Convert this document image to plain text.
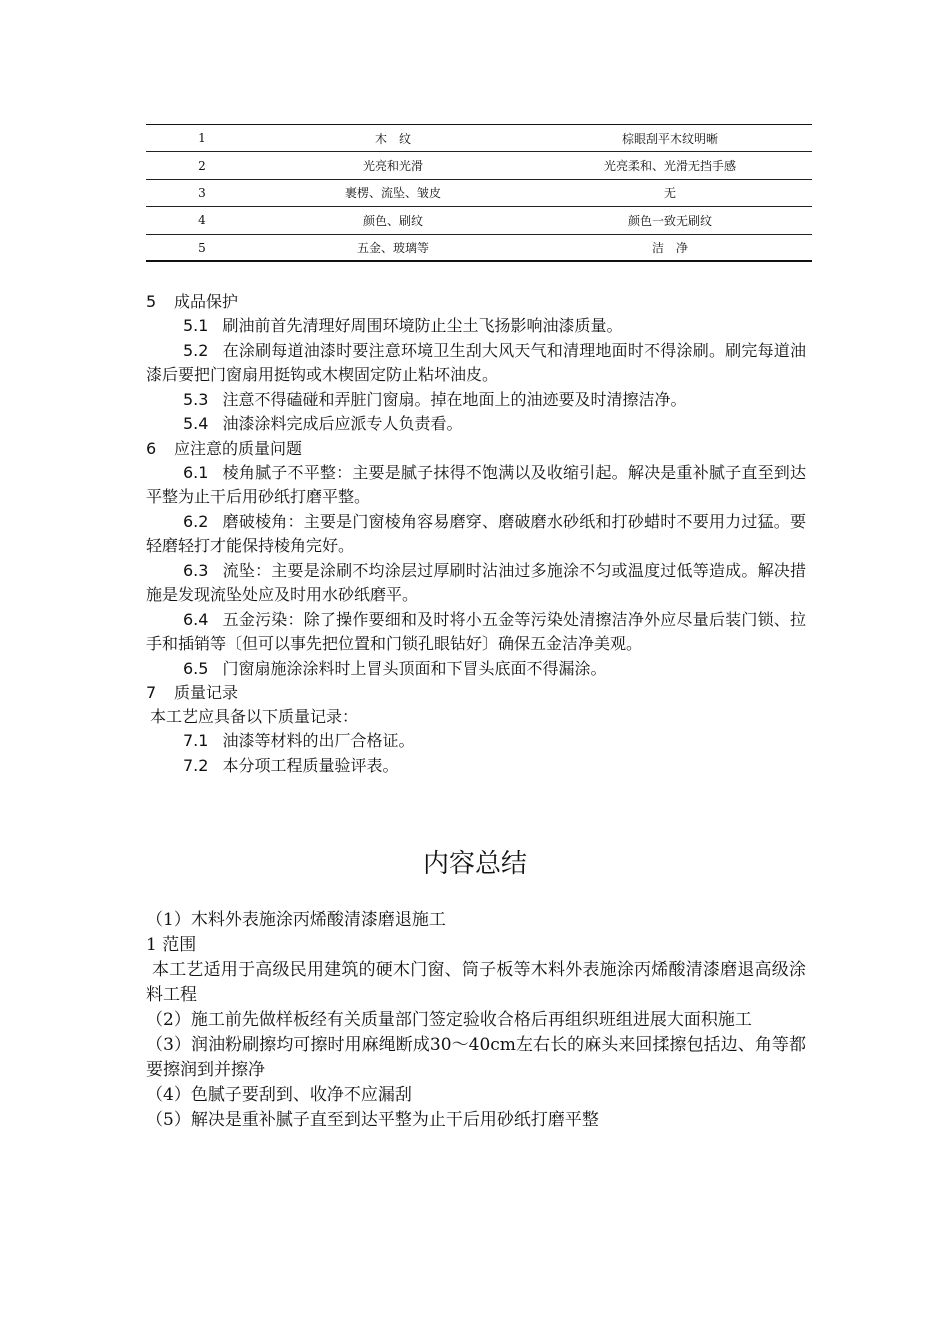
1	木　纹	棕眼刮平木纹明晰
2	光亮和光滑	光亮柔和、光滑无挡手感
3	裹楞、流坠、皱皮	无
4	颜色、刷纹	颜色一致无刷纹
5	五金、玻璃等	洁　净
5 成品保护
5.1 刷油前首先清理好周围环境防止尘土飞扬影响油漆质量。
5.2 在涂刷每道油漆时要注意环境卫生刮大风天气和清理地面时不得涂刷。刷完每道油漆后要把门窗扇用挺钩或木楔固定防止粘坏油皮。
5.3 注意不得磕碰和弄脏门窗扇。掉在地面上的油迹要及时清擦洁净。
5.4 油漆涂料完成后应派专人负责看。
6 应注意的质量问题
6.1 棱角腻子不平整：主要是腻子抹得不饱满以及收缩引起。解决是重补腻子直至到达平整为止干后用砂纸打磨平整。
6.2 磨破棱角：主要是门窗棱角容易磨穿、磨破磨水砂纸和打砂蜡时不要用力过猛。要轻磨轻打才能保持棱角完好。
6.3 流坠：主要是涂刷不均涂层过厚刷时沾油过多施涂不匀或温度过低等造成。解决措施是发现流坠处应及时用水砂纸磨平。
6.4 五金污染：除了操作要细和及时将小五金等污染处清擦洁净外应尽量后装门锁、拉手和插销等〔但可以事先把位置和门锁孔眼钻好〕确保五金洁净美观。
6.5 门窗扇施涂涂料时上冒头顶面和下冒头底面不得漏涂。
7 质量记录
本工艺应具备以下质量记录：
7.1 油漆等材料的出厂合格证。
7.2 本分项工程质量验评表。
内容总结
（1）木料外表施涂丙烯酸清漆磨退施工
1 范围
本工艺适用于高级民用建筑的硬木门窗、筒子板等木料外表施涂丙烯酸清漆磨退高级涂料工程
（2）施工前先做样板经有关质量部门签定验收合格后再组织班组进展大面积施工
（3）润油粉刷擦均可擦时用麻绳断成30～40cm左右长的麻头来回揉擦包括边、角等都要擦润到并擦净
（4）色腻子要刮到、收净不应漏刮
（5）解决是重补腻子直至到达平整为止干后用砂纸打磨平整
